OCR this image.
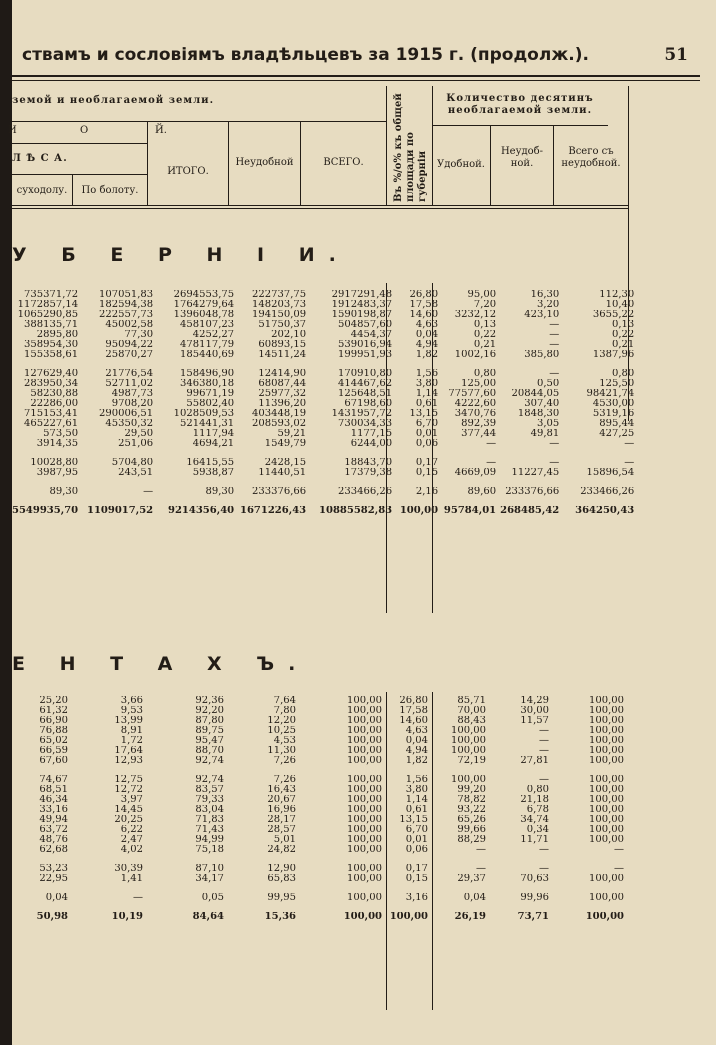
ствамъ и сословіямъ владѣльцевъ за 1915 г. (продолж.).	51
земой и необлагаемой земли.
И	О	Й.
Л Ѣ С А.
суходолу.	По болоту.
ИТОГО.
Неудобной	ВСЕГО.	Въ %/о% къ общей площади по губерніи
Количество десятинъ необлагаемой земли.
Удобной.
Неудоб-ной.
Всего съ неудобной.
У Б Е Р Н І И.
735371,72	107051,83	2694553,75	222737,75	2917291,48	26,80	95,00	16,30	112,30
1172857,14	182594,38	1764279,64	148203,73	1912483,37	17,58	7,20	3,20	10,40
1065290,85	222557,73	1396048,78	194150,09	1590198,87	14,60	3232,12	423,10	3655,22
388135,71	45002,58	458107,23	51750,37	504857,60	4,63	0,13	—	0,13
2895,80	77,30	4252,27	202,10	4454,37	0,04	0,22	—	0,22
358954,30	95094,22	478117,79	60893,15	539016,94	4,94	0,21	—	0,21
155358,61	25870,27	185440,69	14511,24	199951,93	1,82	1002,16	385,80	1387,96

127629,40	21776,54	158496,90	12414,90	170910,80	1,56	0,80	—	0,80
283950,34	52711,02	346380,18	68087,44	414467,62	3,80	125,00	0,50	125,50
58230,88	4987,73	99671,19	25977,32	125648,51	1,14	77577,60	20844,05	98421,74
22286,00	9708,20	55802,40	11396,20	67198,60	0,61	4222,60	307,40	4530,00
715153,41	290006,51	1028509,53	403448,19	1431957,72	13,15	3470,76	1848,30	5319,16
465227,61	45350,32	521441,31	208593,02	730034,33	6,70	892,39	3,05	895,44
573,50	29,50	1117,94	59,21	1177,15	0,01	377,44	49,81	427,25
3914,35	251,06	4694,21	1549,79	6244,00	0,06	—	—	—

10028,80	5704,80	16415,55	2428,15	18843,70	0,17	—	—	—
3987,95	243,51	5938,87	11440,51	17379,38	0,15	4669,09	11227,45	15896,54

89,30	—	89,30	233376,66	233466,26	2,16	89,60	233376,66	233466,26

5549935,70	1109017,52	9214356,40	1671226,43	10885582,83	100,00	95784,01	268485,42	364250,43
Е Н Т А Х Ъ.
25,20	3,66	92,36	7,64	100,00	26,80	85,71	14,29	100,00
61,32	9,53	92,20	7,80	100,00	17,58	70,00	30,00	100,00
66,90	13,99	87,80	12,20	100,00	14,60	88,43	11,57	100,00
76,88	8,91	89,75	10,25	100,00	4,63	100,00	—	100,00
65,02	1,72	95,47	4,53	100,00	0,04	100,00	—	100,00
66,59	17,64	88,70	11,30	100,00	4,94	100,00	—	100,00
67,60	12,93	92,74	7,26	100,00	1,82	72,19	27,81	100,00

74,67	12,75	92,74	7,26	100,00	1,56	100,00	—	100,00
68,51	12,72	83,57	16,43	100,00	3,80	99,20	0,80	100,00
46,34	3,97	79,33	20,67	100,00	1,14	78,82	21,18	100,00
33,16	14,45	83,04	16,96	100,00	0,61	93,22	6,78	100,00
49,94	20,25	71,83	28,17	100,00	13,15	65,26	34,74	100,00
63,72	6,22	71,43	28,57	100,00	6,70	99,66	0,34	100,00
48,76	2,47	94,99	5,01	100,00	0,01	88,29	11,71	100,00
62,68	4,02	75,18	24,82	100,00	0,06	—	—	—

53,23	30,39	87,10	12,90	100,00	0,17	—	—	—
22,95	1,41	34,17	65,83	100,00	0,15	29,37	70,63	100,00

0,04	—	0,05	99,95	100,00	3,16	0,04	99,96	100,00

50,98	10,19	84,64	15,36	100,00	100,00	26,19	73,71	100,00
